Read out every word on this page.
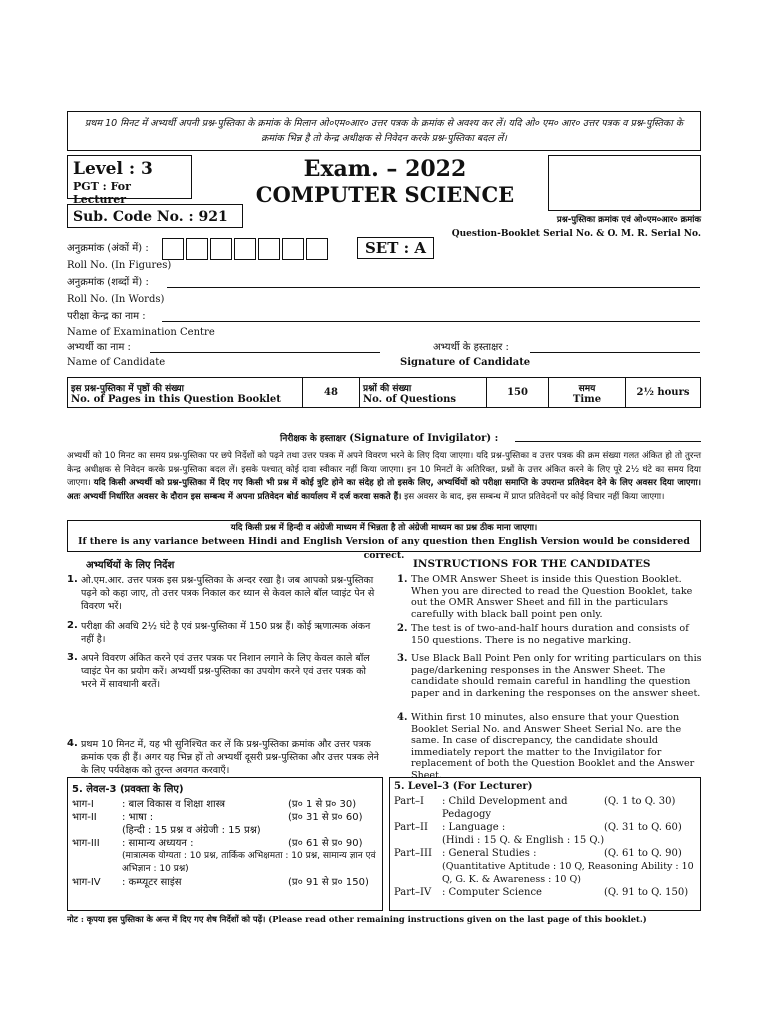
प्रथम 10 मिनट में अभ्यर्थी अपनी प्रश्न-पुस्तिका के क्रमांक के मिलान ओ०एम०आर० उत्तर पत्रक के क्रमांक से अवश्य कर लें। यदि ओ० एम० आर० उत्तर पत्रक व प्रश्न-पुस्तिका के क्रमांक भिन्न है तो केन्द्र अधीक्षक से निवेदन करके प्रश्न-पुस्तिका बदल लें।
Level : 3
PGT : For Lecturer
Exam. – 2022
COMPUTER SCIENCE
Sub. Code No. : 921	प्रश्न-पुस्तिका क्रमांक एवं ओ०एम०आर० क्रमांक
Question-Booklet Serial No. & O. M. R. Serial No.
अनुक्रमांक (अंकों में) :
Roll No. (In Figures)
SET : A
अनुक्रमांक (शब्दों में) :
Roll No. (In Words)
परीक्षा केन्द्र का नाम :
Name of Examination Centre
अभ्यर्थी का नाम :
Name of Candidate
अभ्यर्थी के हस्ताक्षर :
Signature of Candidate
इस प्रश्न-पुस्तिका में पृष्ठों की संख्या
No. of Pages in this Question Booklet
	48	प्रश्नों की संख्या
No. of Questions
	150	समय
Time
	2½ hours
निरीक्षक के हस्ताक्षर (Signature of Invigilator) :
अभ्यर्थी को 10 मिनट का समय प्रश्न-पुस्तिका पर छपे निर्देशों को पढ़ने तथा उत्तर पत्रक में अपने विवरण भरने के लिए दिया जाएगा। यदि प्रश्न-पुस्तिका व उत्तर पत्रक की क्रम संख्या गलत अंकित हो तो तुरन्त केन्द्र अधीक्षक से निवेदन करके प्रश्न-पुस्तिका बदल लें। इसके पश्चात् कोई दावा स्वीकार नहीं किया जाएगा। इन 10 मिनटों के अतिरिक्त, प्रश्नों के उत्तर अंकित करने के लिए पूरे 2½ घंटे का समय दिया जाएगा। यदि किसी अभ्यर्थी को प्रश्न-पुस्तिका में दिए गए किसी भी प्रश्न में कोई त्रुटि होने का संदेह हो तो इसके लिए, अभ्यर्थियों को परीक्षा समाप्ति के उपरान्त प्रतिवेदन देने के लिए अवसर दिया जाएगा। अतः अभ्यर्थी निर्धारित अवसर के दौरान इस सम्बन्ध में अपना प्रतिवेदन बोर्ड कार्यालय में दर्ज करवा सकते हैं। इस अवसर के बाद, इस सम्बन्ध में प्राप्त प्रतिवेदनों पर कोई विचार नहीं किया जाएगा।
यदि किसी प्रश्न में हिन्दी व अंग्रेजी माध्यम में भिन्नता है तो अंग्रेजी माध्यम का प्रश्न ठीक माना जाएगा।
If there is any variance between Hindi and English Version of any question then English Version would be considered correct.
अभ्यर्थियों के लिए निर्देश
1. ओ.एम.आर. उत्तर पत्रक इस प्रश्न-पुस्तिका के अन्दर रखा है। जब आपको प्रश्न-पुस्तिका पढ़ने को कहा जाए, तो उत्तर पत्रक निकाल कर ध्यान से केवल काले बॉल प्वाइंट पेन से विवरण भरें।
2. परीक्षा की अवधि 2½ घंटे है एवं प्रश्न-पुस्तिका में 150 प्रश्न हैं। कोई ऋणात्मक अंकन नहीं है।
3. अपने विवरण अंकित करने एवं उत्तर पत्रक पर निशान लगाने के लिए केवल काले बॉल प्वाइंट पेन का प्रयोग करें। अभ्यर्थी प्रश्न-पुस्तिका का उपयोग करने एवं उत्तर पत्रक को भरने में सावधानी बरतें।
4. प्रथम 10 मिनट में, यह भी सुनिश्चित कर लें कि प्रश्न-पुस्तिका क्रमांक और उत्तर पत्रक क्रमांक एक ही हैं। अगर यह भिन्न हों तो अभ्यर्थी दूसरी प्रश्न-पुस्तिका और उत्तर पत्रक लेने के लिए पर्यवेक्षक को तुरन्त अवगत करवाएँ।
INSTRUCTIONS FOR THE CANDIDATES
1. The OMR Answer Sheet is inside this Question Booklet. When you are directed to read the Question Booklet, take out the OMR Answer Sheet and fill in the particulars carefully with black ball point pen only.
2. The test is of two-and-half hours duration and consists of 150 questions. There is no negative marking.
3. Use Black Ball Point Pen only for writing particulars on this page/darkening responses in the Answer Sheet. The candidate should remain careful in handling the question paper and in darkening the responses on the answer sheet.
4. Within first 10 minutes, also ensure that your Question Booklet Serial No. and Answer Sheet Serial No. are the same. In case of discrepancy, the candidate should immediately report the matter to the Invigilator for replacement of both the Question Booklet and the Answer Sheet.
5. लेवल-3 (प्रवक्ता के लिए)
भाग-I	: बाल विकास व शिक्षा शास्त्र	(प्र० 1 से प्र० 30)
भाग-II	: भाषा :	(प्र० 31 से प्र० 60)
	(हिन्दी : 15 प्रश्न व अंग्रेजी : 15 प्रश्न)	
भाग-III	: सामान्य अध्ययन :	(प्र० 61 से प्र० 90)
	(मात्रात्मक योग्यता : 10 प्रश्न, तार्किक अभिक्षमता : 10 प्रश्न, सामान्य ज्ञान एवं अभिज्ञान : 10 प्रश्न)	
भाग-IV	: कम्प्यूटर साइंस	(प्र० 91 से प्र० 150)
5. Level–3 (For Lecturer)
Part–I	: Child Development and Pedagogy	(Q. 1 to Q. 30)
Part–II	: Language :	(Q. 31 to Q. 60)
	(Hindi : 15 Q. & English : 15 Q.)	
Part–III	: General Studies :	(Q. 61 to Q. 90)
	(Quantitative Aptitude : 10 Q, Reasoning Ability : 10 Q, G. K. & Awareness : 10 Q)	
Part–IV	: Computer Science	(Q. 91 to Q. 150)
नोट : कृपया इस पुस्तिका के अन्त में दिए गए शेष निर्देशों को पढ़ें। (Please read other remaining instructions given on the last page of this booklet.)
